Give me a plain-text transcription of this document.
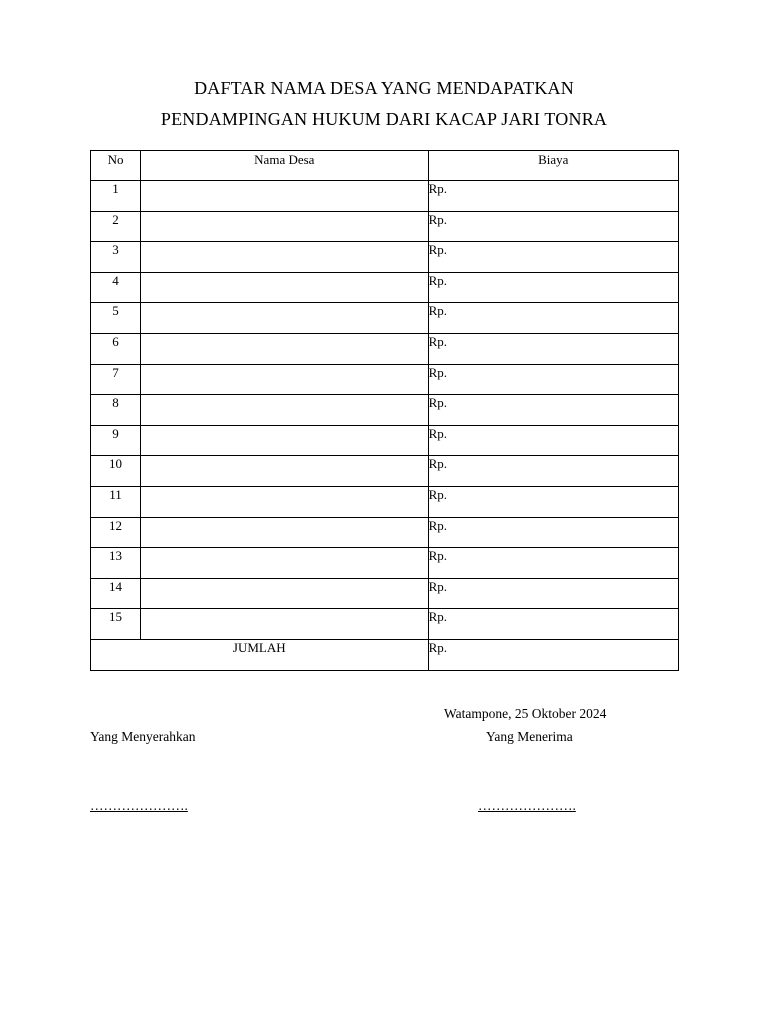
DAFTAR NAMA DESA YANG MENDAPATKAN
PENDAMPINGAN HUKUM DARI KACAP JARI TONRA
No	Nama Desa	Biaya
1		Rp.
2		Rp.
3		Rp.
4		Rp.
5		Rp.
6		Rp.
7		Rp.
8		Rp.
9		Rp.
10		Rp.
11		Rp.
12		Rp.
13		Rp.
14		Rp.
15		Rp.
JUMLAH		Rp.
Watampone, 25 Oktober 2024
Yang Menyerahkan	Yang Menerima
………………….	………………….
